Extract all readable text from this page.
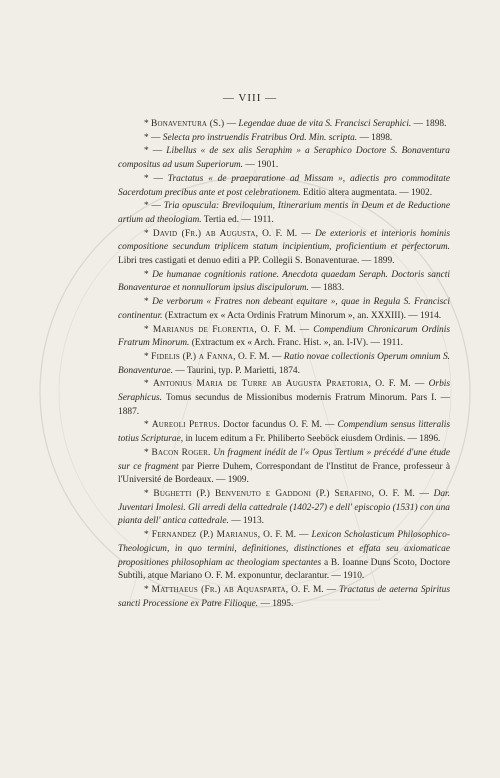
— VIII —

* Bonaventura (S.) — Legendae duae de vita S. Francisci Seraphici. — 1898.

* — Selecta pro instruendis Fratribus Ord. Min. scripta. — 1898.

* — Libellus « de sex alis Seraphim » a Seraphico Doctore S. Bonaventura compositus ad usum Superiorum. — 1901.

* — Tractatus « de praeparatione ad Missam », adiectis pro commoditate Sacerdotum precibus ante et post celebrationem. Editio altera augmentata. — 1902.

* — Tria opuscula: Breviloquium, Itinerarium mentis in Deum et de Reductione artium ad theologiam. Tertia ed. — 1911.

* David (Fr.) ab Augusta, O. F. M. — De exterioris et interioris hominis compositione secundum triplicem statum incipientium, proficientium et perfectorum. Libri tres castigati et denuo editi a PP. Collegii S. Bonaventurae. — 1899.

* De humanae cognitionis ratione. Anecdota quaedam Seraph. Doctoris sancti Bonaventurae et nonnullorum ipsius discipulorum. — 1883.

* De verborum « Fratres non debeant equitare », quae in Regula S. Francisci continentur. (Extractum ex « Acta Ordinis Fratrum Minorum », an. XXXIII). — 1914.

* Marianus de Florentia, O. F. M. — Compendium Chronicarum Ordinis Fratrum Minorum. (Extractum ex « Arch. Franc. Hist. », an. I-IV). — 1911.

* Fidelis (P.) a Fanna, O. F. M. — Ratio novae collectionis Operum omnium S. Bonaventurae. — Taurini, typ. P. Marietti, 1874.

* Antonius Maria de Turre ab Augusta Praetoria, O. F. M. — Orbis Seraphicus. Tomus secundus de Missionibus modernis Fratrum Minorum. Pars I. — 1887.

* Aureoli Petrus. Doctor facundus O. F. M. — Compendium sensus litteralis totius Scripturae, in lucem editum a Fr. Philiberto Seeböck eiusdem Ordinis. — 1896.

* Bacon Roger. Un fragment inédit de l'« Opus Tertium » précédé d'une étude sur ce fragment par Pierre Duhem, Correspondant de l'Institut de France, professeur à l'Université de Bordeaux. — 1909.

* Bughetti (P.) Benvenuto e Gaddoni (P.) Serafino, O. F. M. — Dar. Juventari Imolesi. Gli arredi della cattedrale (1402-27) e dell' episcopio (1531) con una pianta dell' antica cattedrale. — 1913.

* Fernandez (P.) Marianus, O. F. M. — Lexicon Scholasticum Philosophico-Theologicum, in quo termini, definitiones, distinctiones et effata seu axiomaticae propositiones philosophiam ac theologiam spectantes a B. Ioanne Duns Scoto, Doctore Subtili, atque Mariano O. F. M. exponuntur, declarantur. — 1910.

* Matthaeus (Fr.) ab Aquasparta, O. F. M. — Tractatus de aeterna Spiritus sancti Processione ex Patre Filioque. — 1895.
